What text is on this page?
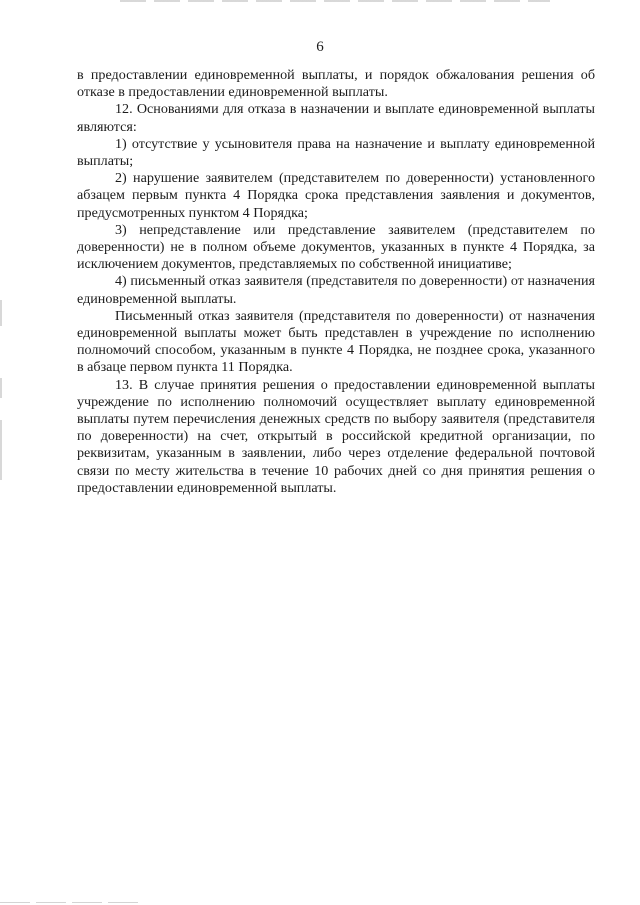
6

в предоставлении единовременной выплаты, и порядок обжалования решения об отказе в предоставлении единовременной выплаты.

12. Основаниями для отказа в назначении и выплате единовременной выплаты являются:

1) отсутствие у усыновителя права на назначение и выплату единовременной выплаты;

2) нарушение заявителем (представителем по доверенности) установленного абзацем первым пункта 4 Порядка срока представления заявления и документов, предусмотренных пунктом 4 Порядка;

3) непредставление или представление заявителем (представителем по доверенности) не в полном объеме документов, указанных в пункте 4 Порядка, за исключением документов, представляемых по собственной инициативе;

4) письменный отказ заявителя (представителя по доверенности) от назначения единовременной выплаты.

Письменный отказ заявителя (представителя по доверенности) от назначения единовременной выплаты может быть представлен в учреждение по исполнению полномочий способом, указанным в пункте 4 Порядка, не позднее срока, указанного в абзаце первом пункта 11 Порядка.

13. В случае принятия решения о предоставлении единовременной выплаты учреждение по исполнению полномочий осуществляет выплату единовременной выплаты путем перечисления денежных средств по выбору заявителя (представителя по доверенности) на счет, открытый в российской кредитной организации, по реквизитам, указанным в заявлении, либо через отделение федеральной почтовой связи по месту жительства в течение 10 рабочих дней со дня принятия решения о предоставлении единовременной выплаты.
